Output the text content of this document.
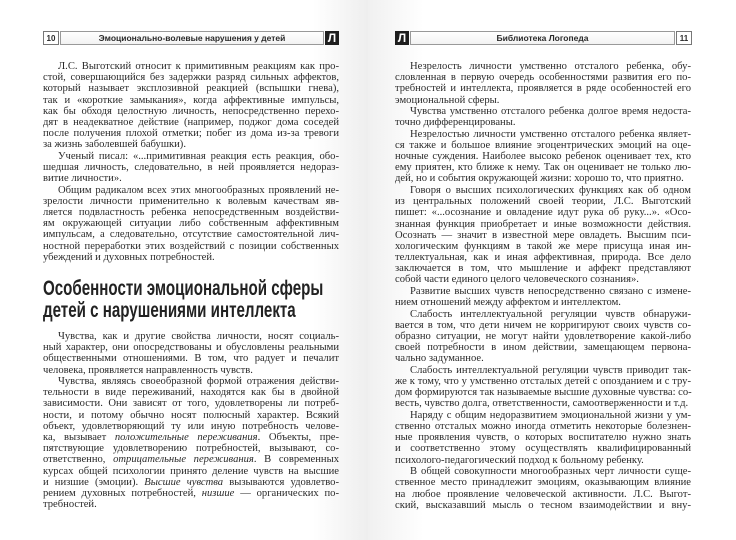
10	Эмоционально-волевые нарушения у детей	Л
Л.С. Выготский относит к примитивным реакциям как про-
стой, совершающийся без задержки разряд сильных аффектов,
который называет эксплозивной реакцией (вспышки гнева),
так и «короткие замыкания», когда аффективные импульсы,
как бы обходя целостную личность, непосредственно перехо-
дят в неадекватное действие (например, поджог дома соседей
после получения плохой отметки; побег из дома из-за тревоги
за жизнь заболевшей бабушки).
Ученый писал: «...примитивная реакция есть реакция, обо-
шедшая личность, следовательно, в ней проявляется недораз-
витие личности».
Общим радикалом всех этих многообразных проявлений не-
зрелости личности применительно к волевым качествам яв-
ляется подвластность ребенка непосредственным воздействи-
ям окружающей ситуации либо собственным аффективным
импульсам, а следовательно, отсутствие самостоятельной лич-
ностной переработки этих воздействий с позиции собственных
убеждений и духовных потребностей.
Особенности эмоциональной сферы
детей с нарушениями интеллекта
Чувства, как и другие свойства личности, носят социаль-
ный характер, они опосредствованы и обусловлены реальными
общественными отношениями. В том, что радует и печалит
человека, проявляется направленность чувств.
Чувства, являясь своеобразной формой отражения действи-
тельности в виде переживаний, находятся как бы в двойной
зависимости. Они зависят от того, удовлетворены ли потреб-
ности, и потому обычно носят полюсный характер. Всякий
объект, удовлетворяющий ту или иную потребность челове-
ка, вызывает положительные переживания. Объекты, пре-
пятствующие удовлетворению потребностей, вызывают, со-
ответственно, отрицательные переживания. В современных
курсах общей психологии принято деление чувств на высшие
и низшие (эмоции). Высшие чувства вызываются удовлетво-
рением духовных потребностей, низшие — органических по-
требностей.
Л	Библиотека Логопеда	11
Незрелость личности умственно отсталого ребенка, обу-
словленная в первую очередь особенностями развития его по-
требностей и интеллекта, проявляется в ряде особенностей его
эмоциональной сферы.
Чувства умственно отсталого ребенка долгое время недоста-
точно дифференцированы.
Незрелостью личности умственно отсталого ребенка являет-
ся также и большое влияние эгоцентрических эмоций на оце-
ночные суждения. Наиболее высоко ребенок оценивает тех, кто
ему приятен, кто ближе к нему. Так он оценивает не только лю-
дей, но и события окружающей жизни: хорошо то, что приятно.
Говоря о высших психологических функциях как об одном
из центральных положений своей теории, Л.С. Выготский
пишет: «...осознание и овладение идут рука об руку...». «Осо-
знанная функция приобретает и иные возможности действия.
Осознать — значит в известной мере овладеть. Высшим пси-
хологическим функциям в такой же мере присуща иная ин-
теллектуальная, как и иная аффективная, природа. Все дело
заключается в том, что мышление и аффект представляют
собой части единого целого человеческого сознания».
Развитие высших чувств непосредственно связано с измене-
нием отношений между аффектом и интеллектом.
Слабость интеллектуальной регуляции чувств обнаружи-
вается в том, что дети ничем не корригируют своих чувств со-
образно ситуации, не могут найти удовлетворение какой-либо
своей потребности в ином действии, замещающем первона-
чально задуманное.
Слабость интеллектуальной регуляции чувств приводит так-
же к тому, что у умственно отсталых детей с опозданием и с тру-
дом формируются так называемые высшие духовные чувства: со-
весть, чувство долга, ответственности, самоотверженности и т.д.
Наряду с общим недоразвитием эмоциональной жизни у ум-
ственно отсталых можно иногда отметить некоторые болезнен-
ные проявления чувств, о которых воспитателю нужно знать
и соответственно этому осуществлять квалифицированный
психолого-педагогический подход к больному ребенку.
В общей совокупности многообразных черт личности суще-
ственное место принадлежит эмоциям, оказывающим влияние
на любое проявление человеческой активности. Л.С. Выгот-
ский, высказавший мысль о тесном взаимодействии и вну-
